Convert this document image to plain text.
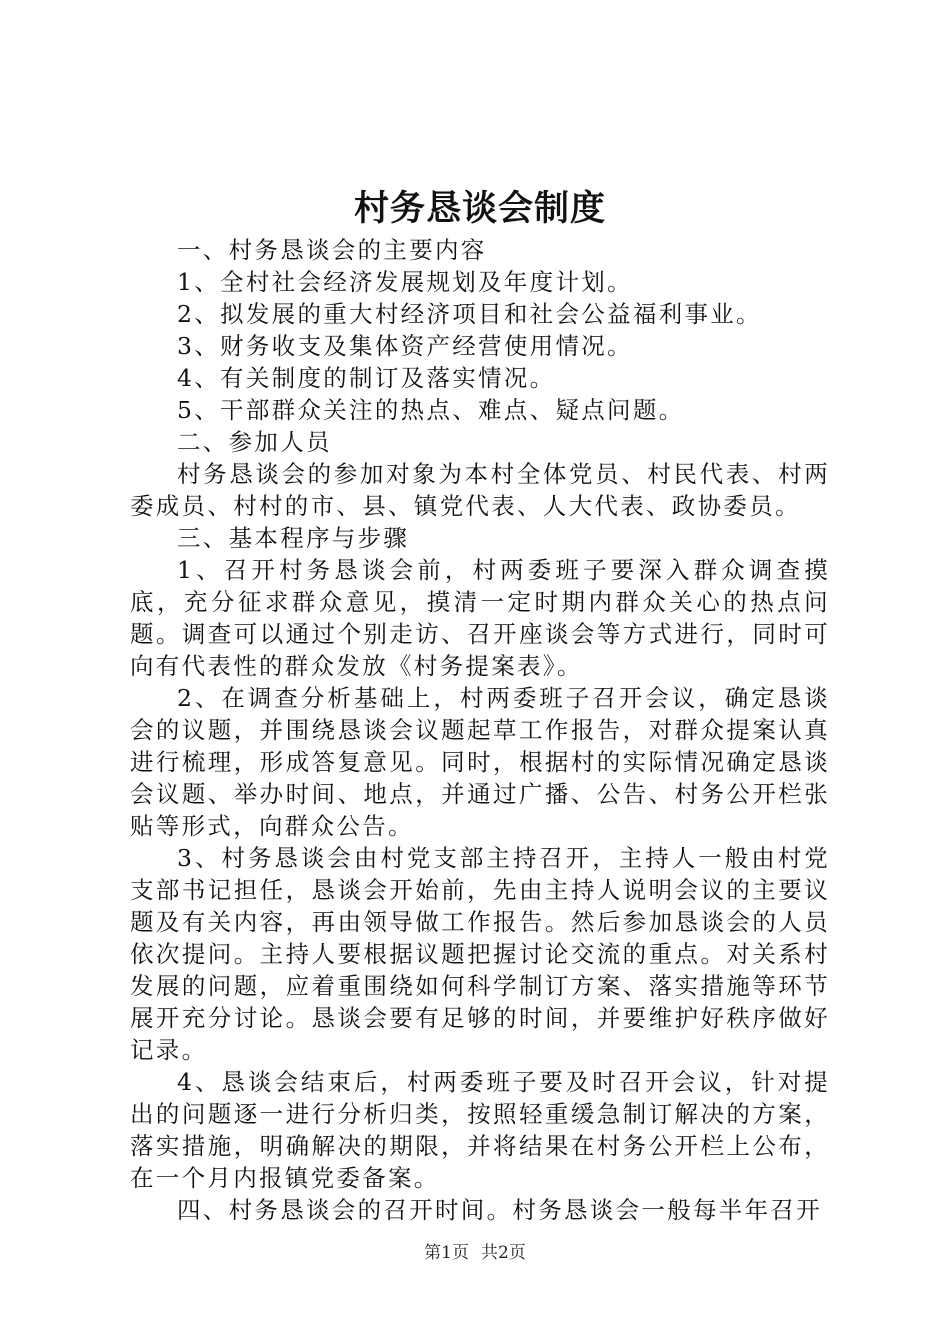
村务恳谈会制度

一、村务恳谈会的主要内容

1、全村社会经济发展规划及年度计划。

2、拟发展的重大村经济项目和社会公益福利事业。

3、财务收支及集体资产经营使用情况。

4、有关制度的制订及落实情况。

5、干部群众关注的热点、难点、疑点问题。

二、参加人员

村务恳谈会的参加对象为本村全体党员、村民代表、村两委成员、村村的市、县、镇党代表、人大代表、政协委员。

三、基本程序与步骤

1、召开村务恳谈会前，村两委班子要深入群众调查摸底，充分征求群众意见，摸清一定时期内群众关心的热点问题。调查可以通过个别走访、召开座谈会等方式进行，同时可向有代表性的群众发放《村务提案表》。

2、在调查分析基础上，村两委班子召开会议，确定恳谈会的议题，并围绕恳谈会议题起草工作报告，对群众提案认真进行梳理，形成答复意见。同时，根据村的实际情况确定恳谈会议题、举办时间、地点，并通过广播、公告、村务公开栏张贴等形式，向群众公告。

3、村务恳谈会由村党支部主持召开，主持人一般由村党支部书记担任，恳谈会开始前，先由主持人说明会议的主要议题及有关内容，再由领导做工作报告。然后参加恳谈会的人员依次提问。主持人要根据议题把握讨论交流的重点。对关系村发展的问题，应着重围绕如何科学制订方案、落实措施等环节展开充分讨论。恳谈会要有足够的时间，并要维护好秩序做好记录。

4、恳谈会结束后，村两委班子要及时召开会议，针对提出的问题逐一进行分析归类，按照轻重缓急制订解决的方案，落实措施，明确解决的期限，并将结果在村务公开栏上公布，在一个月内报镇党委备案。

四、村务恳谈会的召开时间。村务恳谈会一般每半年召开

第1页 共2页
